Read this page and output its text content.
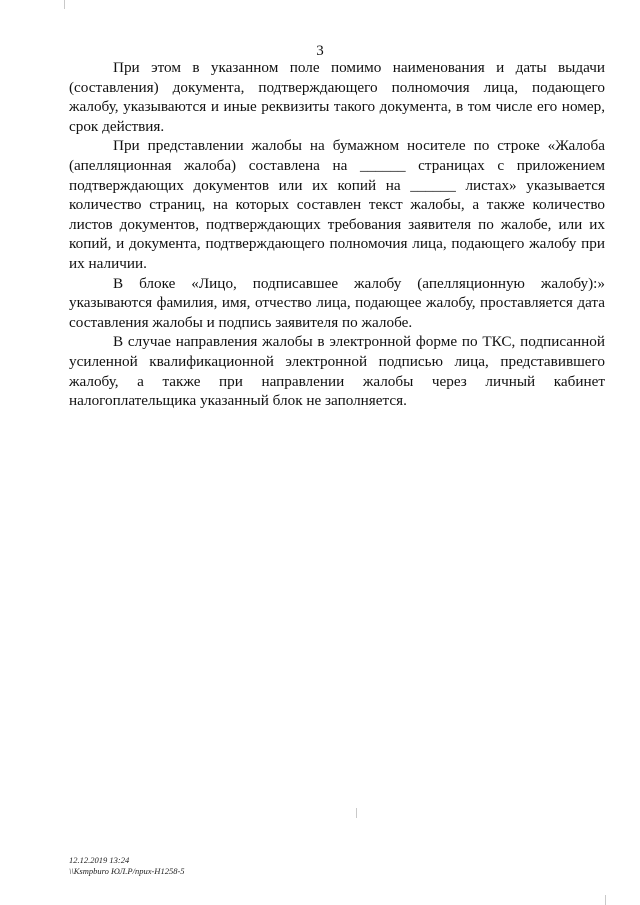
3

При этом в указанном поле помимо наименования и даты выдачи (составления) документа, подтверждающего полномочия лица, подающего жалобу, указываются и иные реквизиты такого документа, в том числе его номер, срок действия.

При представлении жалобы на бумажном носителе по строке «Жалоба (апелляционная жалоба) составлена на ______ страницах с приложением подтверждающих документов или их копий на ______ листах» указывается количество страниц, на которых составлен текст жалобы, а также количество листов документов, подтверждающих требования заявителя по жалобе, или их копий, и документа, подтверждающего полномочия лица, подающего жалобу при их наличии.

В блоке «Лицо, подписавшее жалобу (апелляционную жалобу):» указываются фамилия, имя, отчество лица, подающее жалобу, проставляется дата составления жалобы и подпись заявителя по жалобе.

В случае направления жалобы в электронной форме по ТКС, подписанной усиленной квалификационной электронной подписью лица, представившего жалобу, а также при направлении жалобы через личный кабинет налогоплательщика указанный блок не заполняется.

12.12.2019 13:24
\\Ksmpburo ЮЛ.Р/прих-Н1258-5
